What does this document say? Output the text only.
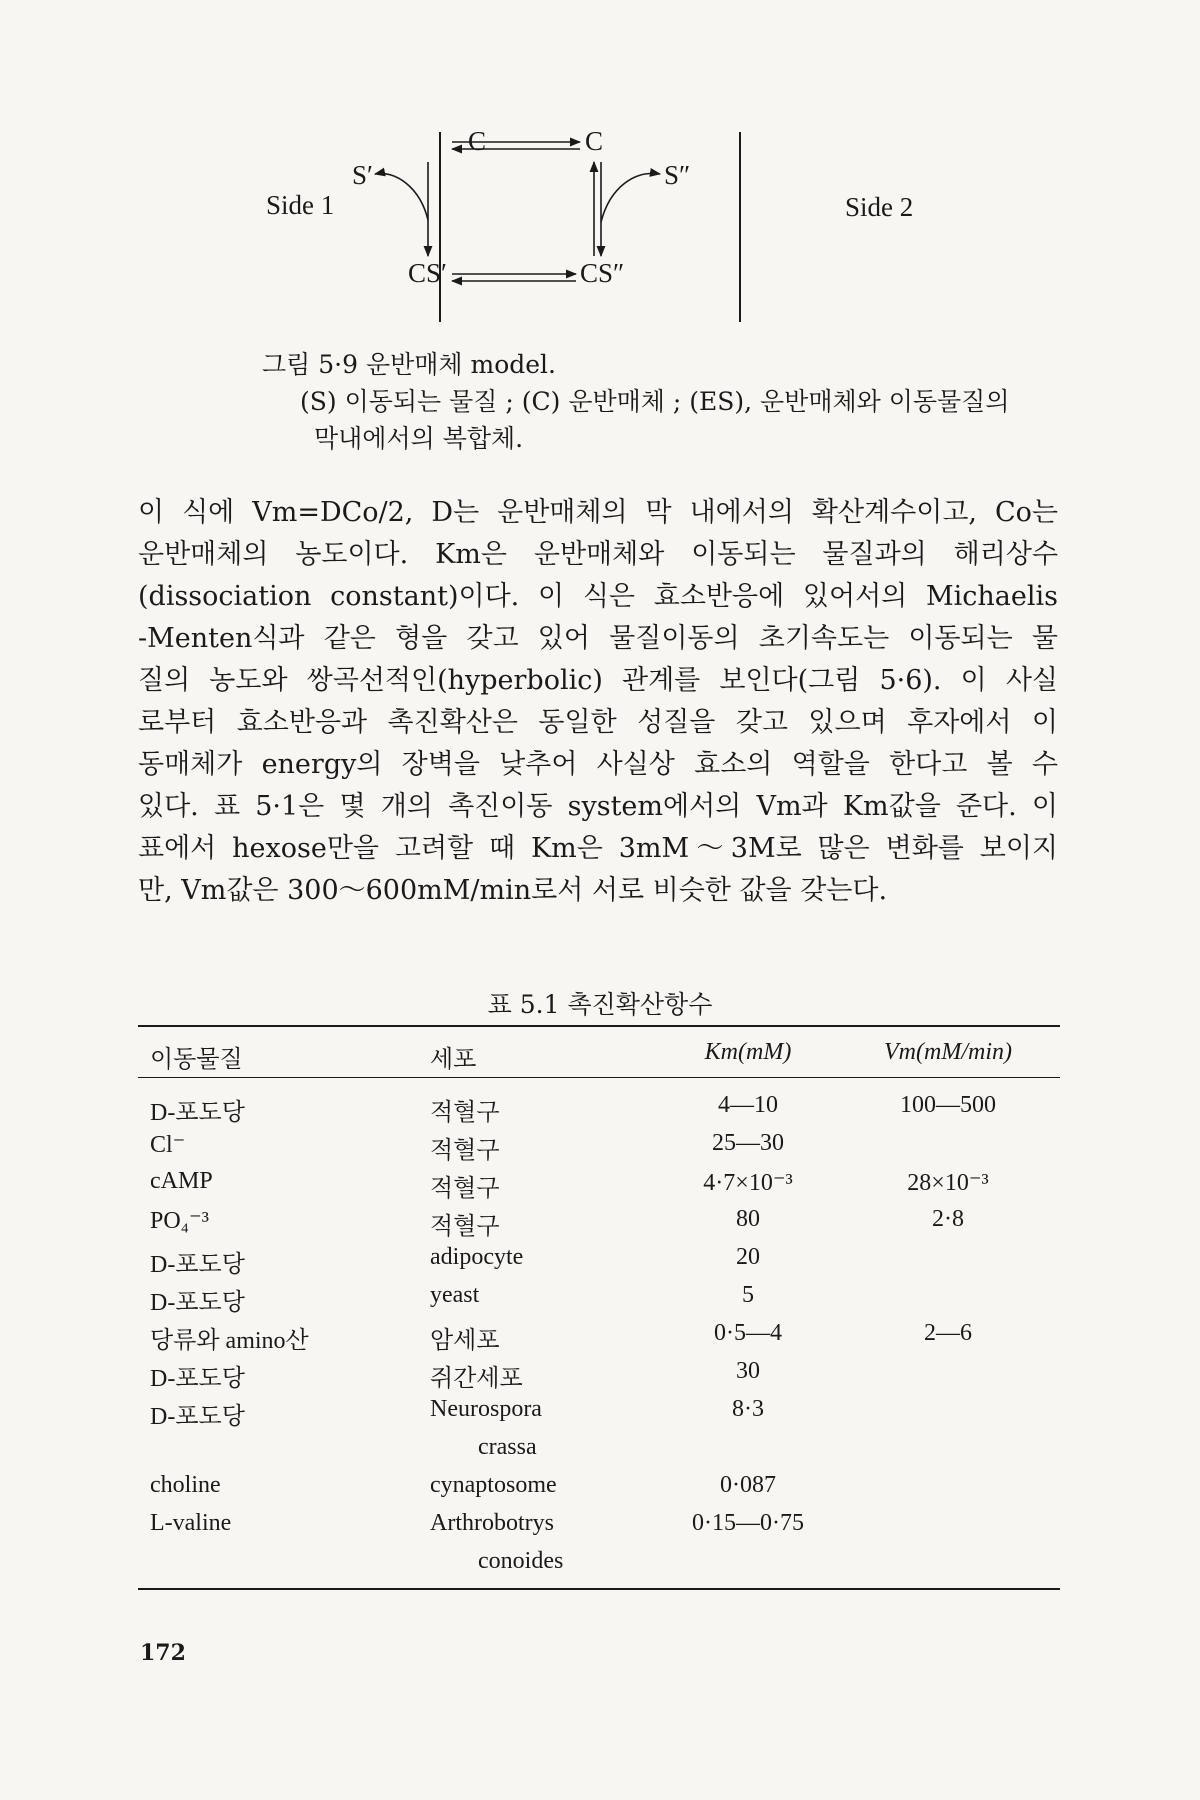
Side 1	Side 2
C	C
S′	S″
CS′	CS″
그림 5·9 운반매체 model.
(S) 이동되는 물질 ; (C) 운반매체 ; (ES), 운반매체와 이동물질의
막내에서의 복합체.
이 식에 Vm=DCo/2, D는 운반매체의 막 내에서의 확산계수이고, Co는
운반매체의 농도이다. Km은 운반매체와 이동되는 물질과의 해리상수
(dissociation constant)이다. 이 식은 효소반응에 있어서의 Michaelis
-Menten식과 같은 형을 갖고 있어 물질이동의 초기속도는 이동되는 물
질의 농도와 쌍곡선적인(hyperbolic) 관계를 보인다(그림 5·6). 이 사실
로부터 효소반응과 촉진확산은 동일한 성질을 갖고 있으며 후자에서 이
동매체가 energy의 장벽을 낮추어 사실상 효소의 역할을 한다고 볼 수
있다. 표 5·1은 몇 개의 촉진이동 system에서의 Vm과 Km값을 준다. 이
표에서 hexose만을 고려할 때 Km은 3mM～3M로 많은 변화를 보이지
만, Vm값은 300～600mM/min로서 서로 비슷한 값을 갖는다.
표 5.1 촉진확산항수
이동물질	세포	Km(mM)	Vm(mM/min)
D-포도당	적혈구	4—10	100—500
Cl⁻	적혈구	25—30
cAMP	적혈구	4·7×10⁻³	28×10⁻³
PO₄⁻³	적혈구	80	2·8
D-포도당	adipocyte	20
D-포도당	yeast	5
당류와 amino산	암세포	0·5—4	2—6
D-포도당	쥐간세포	30
D-포도당	Neurospora	8·3
crassa
choline	cynaptosome	0·087
L-valine	Arthrobotrys	0·15—0·75
conoides
172
